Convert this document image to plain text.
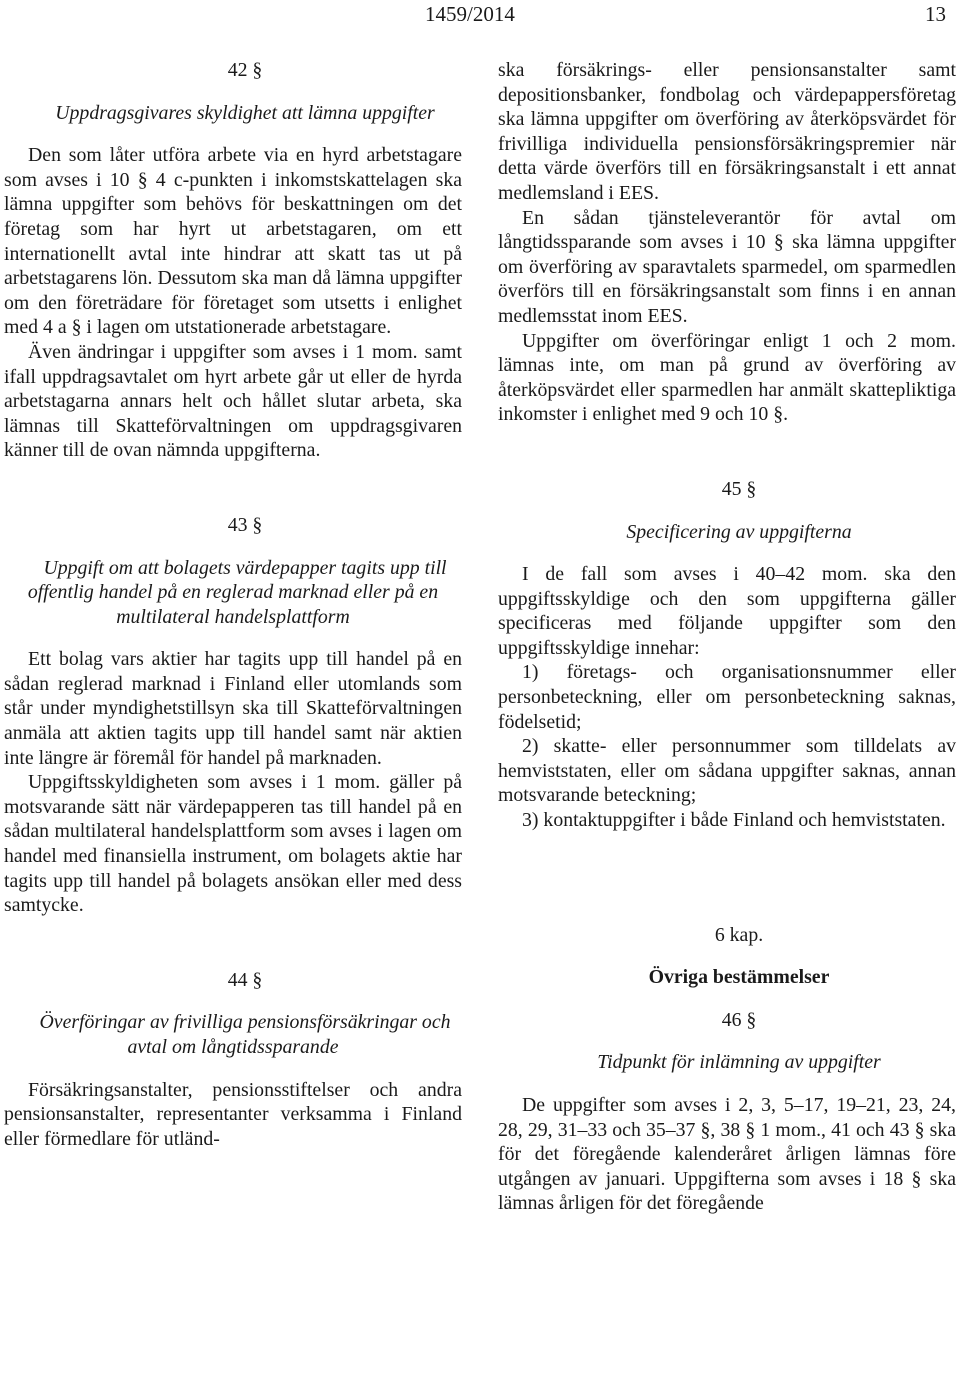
1459/2014	13

42 §

Uppdragsgivares skyldighet att lämna uppgifter

Den som låter utföra arbete via en hyrd arbetstagare som avses i 10 § 4 c-punkten i inkomstskattelagen ska lämna uppgifter som behövs för beskattningen om det företag som har hyrt ut arbetstagaren, om ett internationellt avtal inte hindrar att skatt tas ut på arbetstagarens lön. Dessutom ska man då lämna uppgifter om den företrädare för företaget som utsetts i enlighet med 4 a § i lagen om utstationerade arbetstagare.

Även ändringar i uppgifter som avses i 1 mom. samt ifall uppdragsavtalet om hyrt arbete går ut eller de hyrda arbetstagarna annars helt och hållet slutar arbeta, ska lämnas till Skatteförvaltningen om uppdragsgivaren känner till de ovan nämnda uppgifterna.

43 §

Uppgift om att bolagets värdepapper tagits upp till offentlig handel på en reglerad marknad eller på en multilateral handelsplattform

Ett bolag vars aktier har tagits upp till handel på en sådan reglerad marknad i Finland eller utomlands som står under myndighetstillsyn ska till Skatteförvaltningen anmäla att aktien tagits upp till handel samt när aktien inte längre är föremål för handel på marknaden.

Uppgiftsskyldigheten som avses i 1 mom. gäller på motsvarande sätt när värdepapperen tas till handel på en sådan multilateral handelsplattform som avses i lagen om handel med finansiella instrument, om bolagets aktie har tagits upp till handel på bolagets ansökan eller med dess samtycke.

44 §

Överföringar av frivilliga pensionsförsäkringar och avtal om långtidssparande

Försäkringsanstalter, pensionsstiftelser och andra pensionsanstalter, representanter verksamma i Finland eller förmedlare för utländ-

ska försäkrings- eller pensionsanstalter samt depositionsbanker, fondbolag och värdepappersföretag ska lämna uppgifter om överföring av återköpsvärdet för frivilliga individuella pensionsförsäkringspremier när detta värde överförs till en försäkringsanstalt i ett annat medlemsland i EES.

En sådan tjänsteleverantör för avtal om långtidssparande som avses i 10 § ska lämna uppgifter om överföring av sparavtalets sparmedel, om sparmedlen överförs till en försäkringsanstalt som finns i en annan medlemsstat inom EES.

Uppgifter om överföringar enligt 1 och 2 mom. lämnas inte, om man på grund av överföring av återköpsvärdet eller sparmedlen har anmält skattepliktiga inkomster i enlighet med 9 och 10 §.

45 §

Specificering av uppgifterna

I de fall som avses i 40–42 mom. ska den uppgiftsskyldige och den som uppgifterna gäller specificeras med följande uppgifter som den uppgiftsskyldige innehar:

1) företags- och organisationsnummer eller personbeteckning, eller om personbeteckning saknas, födelsetid;

2) skatte- eller personnummer som tilldelats av hemviststaten, eller om sådana uppgifter saknas, annan motsvarande beteckning;

3) kontaktuppgifter i både Finland och hemviststaten.

6 kap.

Övriga bestämmelser

46 §

Tidpunkt för inlämning av uppgifter

De uppgifter som avses i 2, 3, 5–17, 19–21, 23, 24, 28, 29, 31–33 och 35–37 §, 38 § 1 mom., 41 och 43 § ska för det föregående kalenderåret årligen lämnas före utgången av januari. Uppgifterna som avses i 18 § ska lämnas årligen för det föregående
